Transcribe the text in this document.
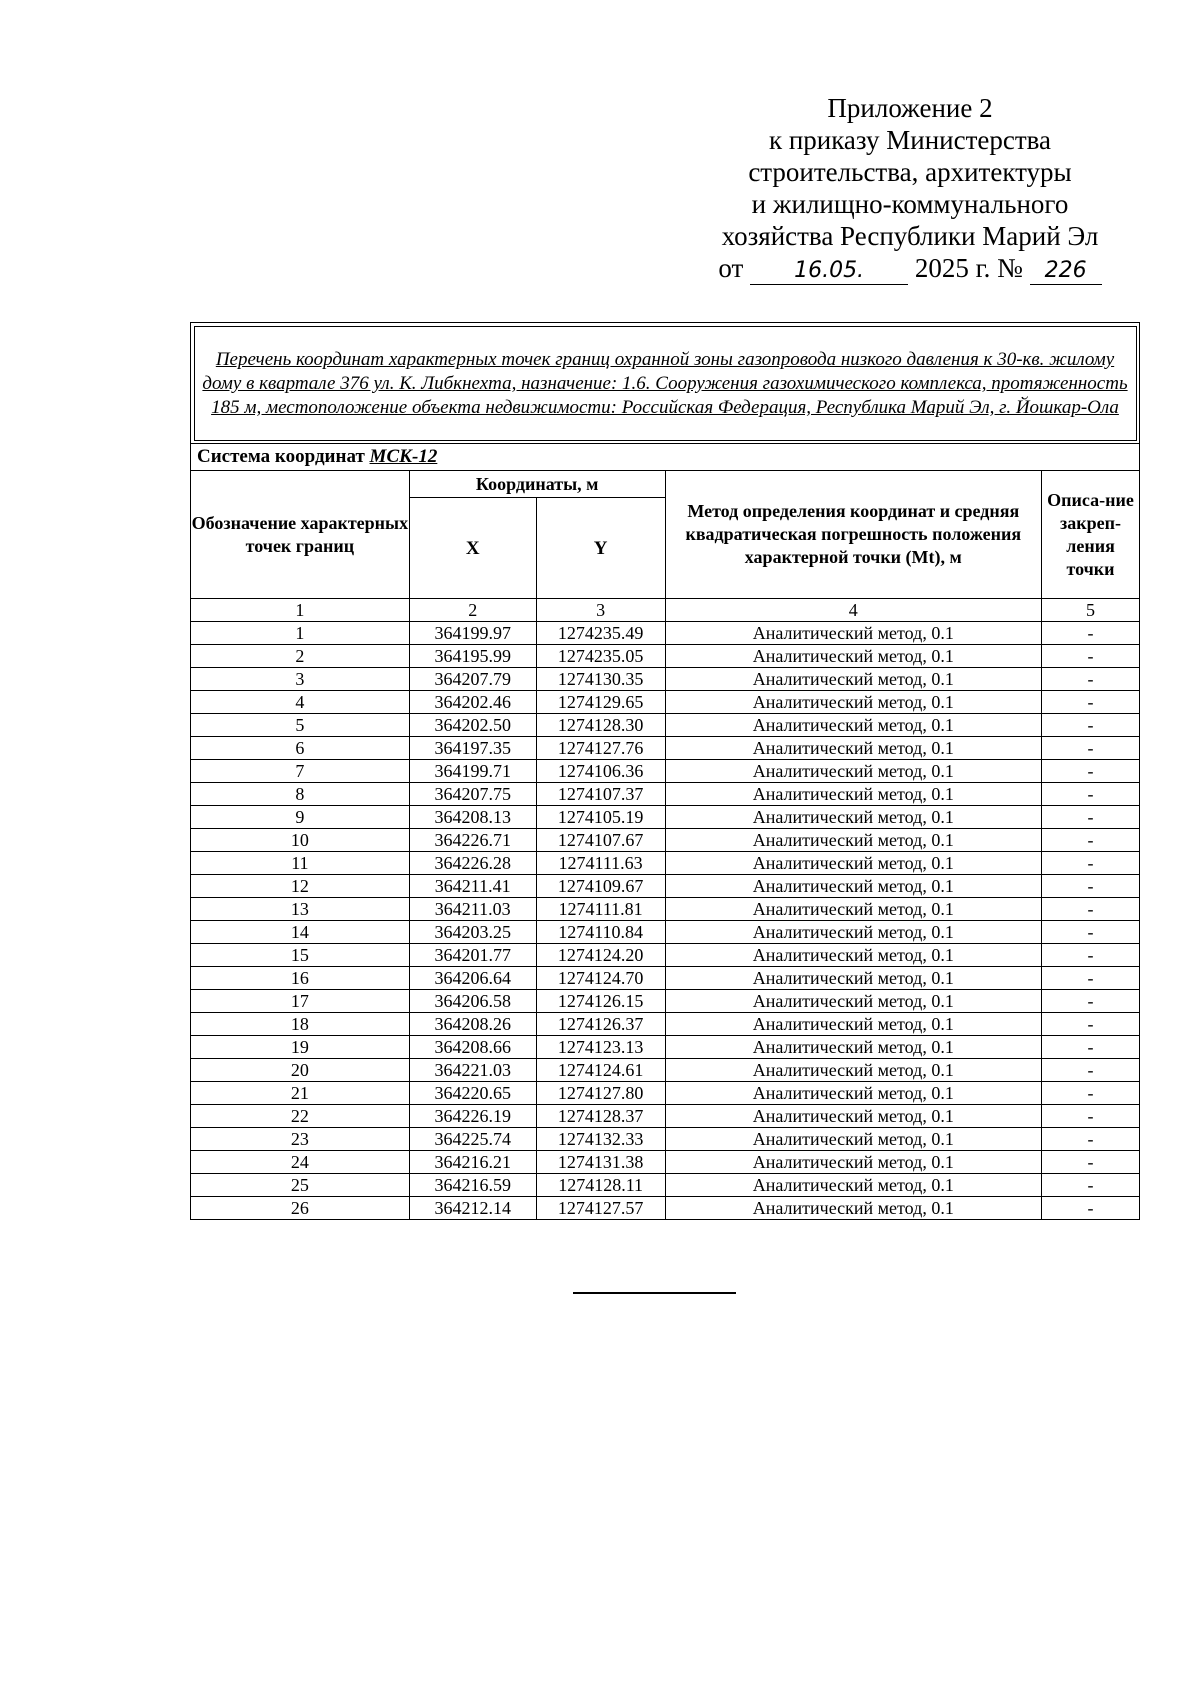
Приложение 2
к приказу Министерства
строительства, архитектуры
и жилищно-коммунального
хозяйства Республики Марий Эл
от 16.05. 2025 г. № 226
Перечень координат характерных точек границ охранной зоны газопровода низкого давления к 30-кв. жилому дому в квартале 376 ул. К. Либкнехта, назначение: 1.6. Сооружения газохимического комплекса, протяженность 185 м, местоположение объекта недвижимости: Российская Федерация, Республика Марий Эл, г. Йошкар-Ола				
Система координат МСК-12				
Обозначение характерных точек границ	Координаты, м		Метод определения координат и средняя квадратическая погрешность положения характерной точки (Mt), м	Описа-ние закреп-ления точки
	X	Y		
1	2	3	4	5
1	364199.97	1274235.49	Аналитический метод, 0.1	-
2	364195.99	1274235.05	Аналитический метод, 0.1	-
3	364207.79	1274130.35	Аналитический метод, 0.1	-
4	364202.46	1274129.65	Аналитический метод, 0.1	-
5	364202.50	1274128.30	Аналитический метод, 0.1	-
6	364197.35	1274127.76	Аналитический метод, 0.1	-
7	364199.71	1274106.36	Аналитический метод, 0.1	-
8	364207.75	1274107.37	Аналитический метод, 0.1	-
9	364208.13	1274105.19	Аналитический метод, 0.1	-
10	364226.71	1274107.67	Аналитический метод, 0.1	-
11	364226.28	1274111.63	Аналитический метод, 0.1	-
12	364211.41	1274109.67	Аналитический метод, 0.1	-
13	364211.03	1274111.81	Аналитический метод, 0.1	-
14	364203.25	1274110.84	Аналитический метод, 0.1	-
15	364201.77	1274124.20	Аналитический метод, 0.1	-
16	364206.64	1274124.70	Аналитический метод, 0.1	-
17	364206.58	1274126.15	Аналитический метод, 0.1	-
18	364208.26	1274126.37	Аналитический метод, 0.1	-
19	364208.66	1274123.13	Аналитический метод, 0.1	-
20	364221.03	1274124.61	Аналитический метод, 0.1	-
21	364220.65	1274127.80	Аналитический метод, 0.1	-
22	364226.19	1274128.37	Аналитический метод, 0.1	-
23	364225.74	1274132.33	Аналитический метод, 0.1	-
24	364216.21	1274131.38	Аналитический метод, 0.1	-
25	364216.59	1274128.11	Аналитический метод, 0.1	-
26	364212.14	1274127.57	Аналитический метод, 0.1	-
